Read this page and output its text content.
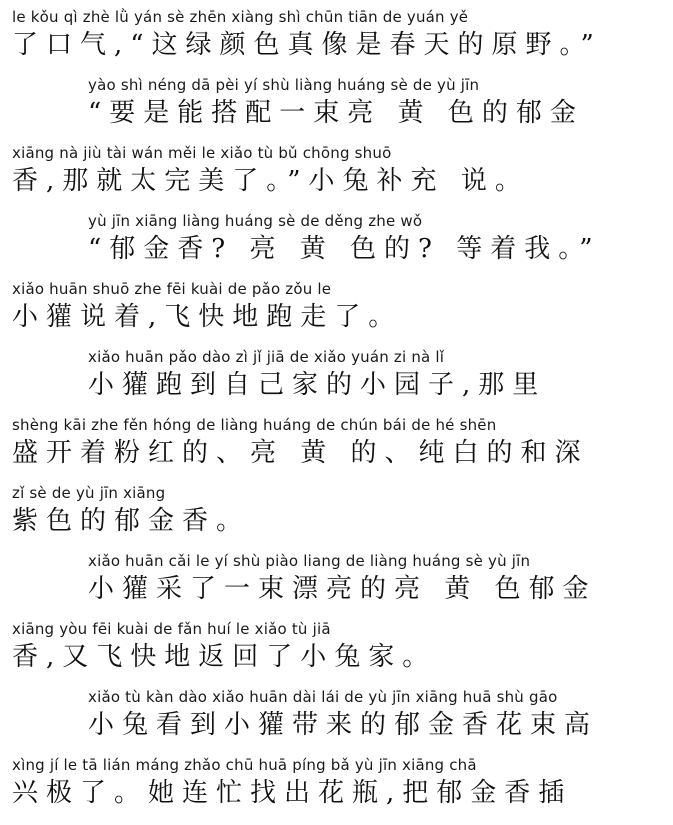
le kǒu qì zhè lǜ yán sè zhēn xiàng shì chūn tiān de yuán yě
了口气,“这绿颜色真像是春天的原野。”
yào shì néng dā pèi yí shù liàng huáng sè de yù jīn
“要是能搭配一束亮 黄 色的郁金
xiāng nà jiù tài wán měi le xiǎo tù bǔ chōng shuō
香,那就太完美了。”小兔补充 说。
yù jīn xiāng liàng huáng sè de děng zhe wǒ
“郁金香? 亮 黄 色的? 等着我。”
xiǎo huān shuō zhe fēi kuài de pǎo zǒu le
小獾说着,飞快地跑走了。
xiǎo huān pǎo dào zì jǐ jiā de xiǎo yuán zi nà lǐ
小獾跑到自己家的小园子,那里
shèng kāi zhe fěn hóng de liàng huáng de chún bái de hé shēn
盛开着粉红的、亮 黄 的、纯白的和深
zǐ sè de yù jīn xiāng
紫色的郁金香。
xiǎo huān cǎi le yí shù piào liang de liàng huáng sè yù jīn
小獾采了一束漂亮的亮 黄 色郁金
xiāng yòu fēi kuài de fǎn huí le xiǎo tù jiā
香,又飞快地返回了小兔家。
xiǎo tù kàn dào xiǎo huān dài lái de yù jīn xiāng huā shù gāo
小兔看到小獾带来的郁金香花束高
xìng jí le tā lián máng zhǎo chū huā píng bǎ yù jīn xiāng chā
兴极了。她连忙找出花瓶,把郁金香插
